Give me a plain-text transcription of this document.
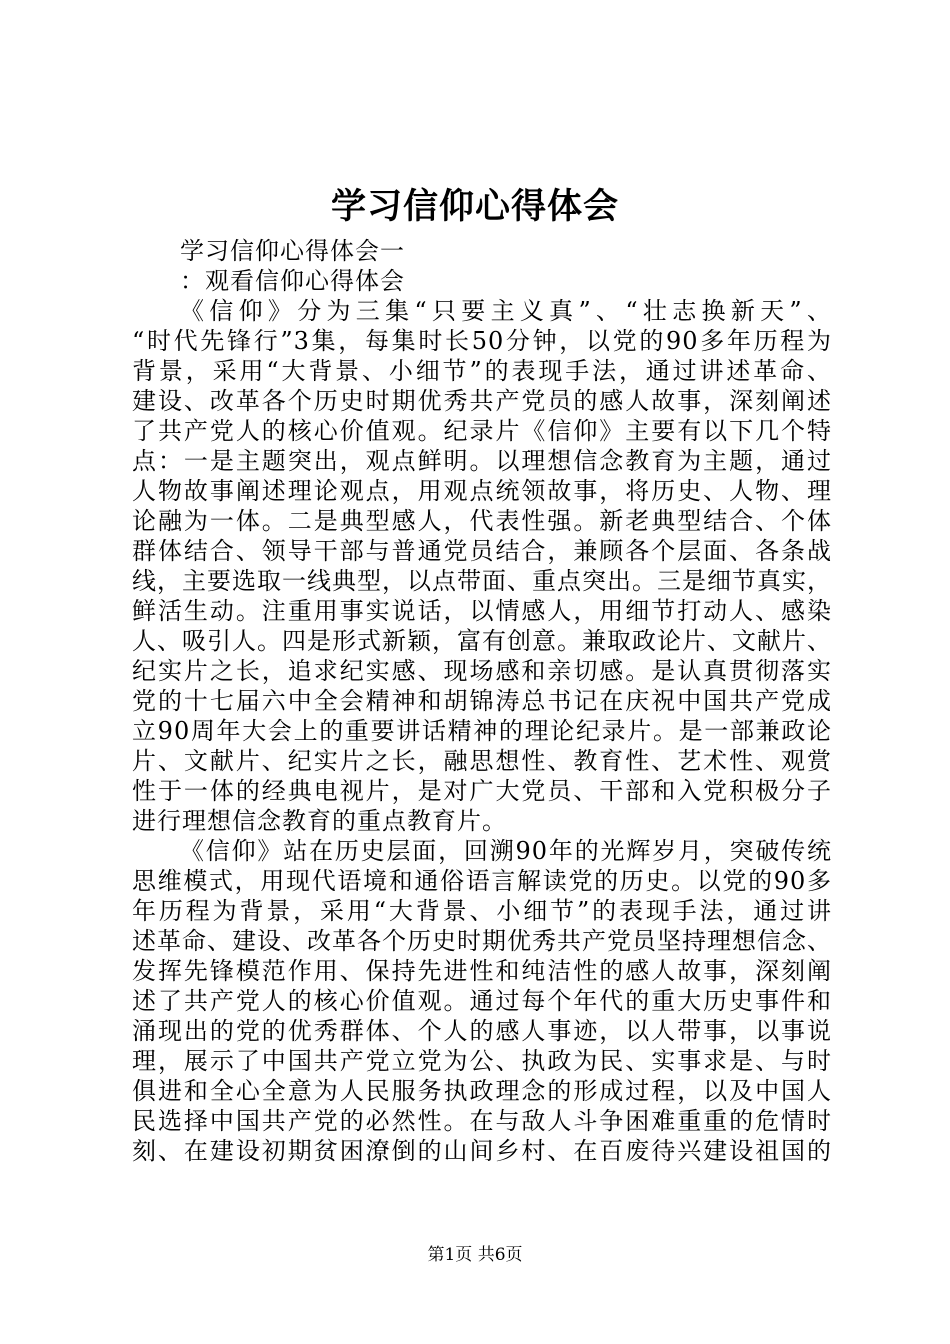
学习信仰心得体会
学习信仰心得体会一
：观看信仰心得体会
《信仰》分为三集“只要主义真”、“壮志换新天”、
“时代先锋行”3集，每集时长50分钟，以党的90多年历程为
背景，采用“大背景、小细节”的表现手法，通过讲述革命、
建设、改革各个历史时期优秀共产党员的感人故事，深刻阐述
了共产党人的核心价值观。纪录片《信仰》主要有以下几个特
点：一是主题突出，观点鲜明。以理想信念教育为主题，通过
人物故事阐述理论观点，用观点统领故事，将历史、人物、理
论融为一体。二是典型感人，代表性强。新老典型结合、个体
群体结合、领导干部与普通党员结合，兼顾各个层面、各条战
线，主要选取一线典型，以点带面、重点突出。三是细节真实，
鲜活生动。注重用事实说话，以情感人，用细节打动人、感染
人、吸引人。四是形式新颖，富有创意。兼取政论片、文献片、
纪实片之长，追求纪实感、现场感和亲切感。是认真贯彻落实
党的十七届六中全会精神和胡锦涛总书记在庆祝中国共产党成
立90周年大会上的重要讲话精神的理论纪录片。是一部兼政论
片、文献片、纪实片之长，融思想性、教育性、艺术性、观赏
性于一体的经典电视片，是对广大党员、干部和入党积极分子
进行理想信念教育的重点教育片。
《信仰》站在历史层面，回溯90年的光辉岁月，突破传统
思维模式，用现代语境和通俗语言解读党的历史。以党的90多
年历程为背景，采用“大背景、小细节”的表现手法，通过讲
述革命、建设、改革各个历史时期优秀共产党员坚持理想信念、
发挥先锋模范作用、保持先进性和纯洁性的感人故事，深刻阐
述了共产党人的核心价值观。通过每个年代的重大历史事件和
涌现出的党的优秀群体、个人的感人事迹，以人带事，以事说
理，展示了中国共产党立党为公、执政为民、实事求是、与时
俱进和全心全意为人民服务执政理念的形成过程，以及中国人
民选择中国共产党的必然性。在与敌人斗争困难重重的危情时
刻、在建设初期贫困潦倒的山间乡村、在百废待兴建设祖国的
第1页 共6页
